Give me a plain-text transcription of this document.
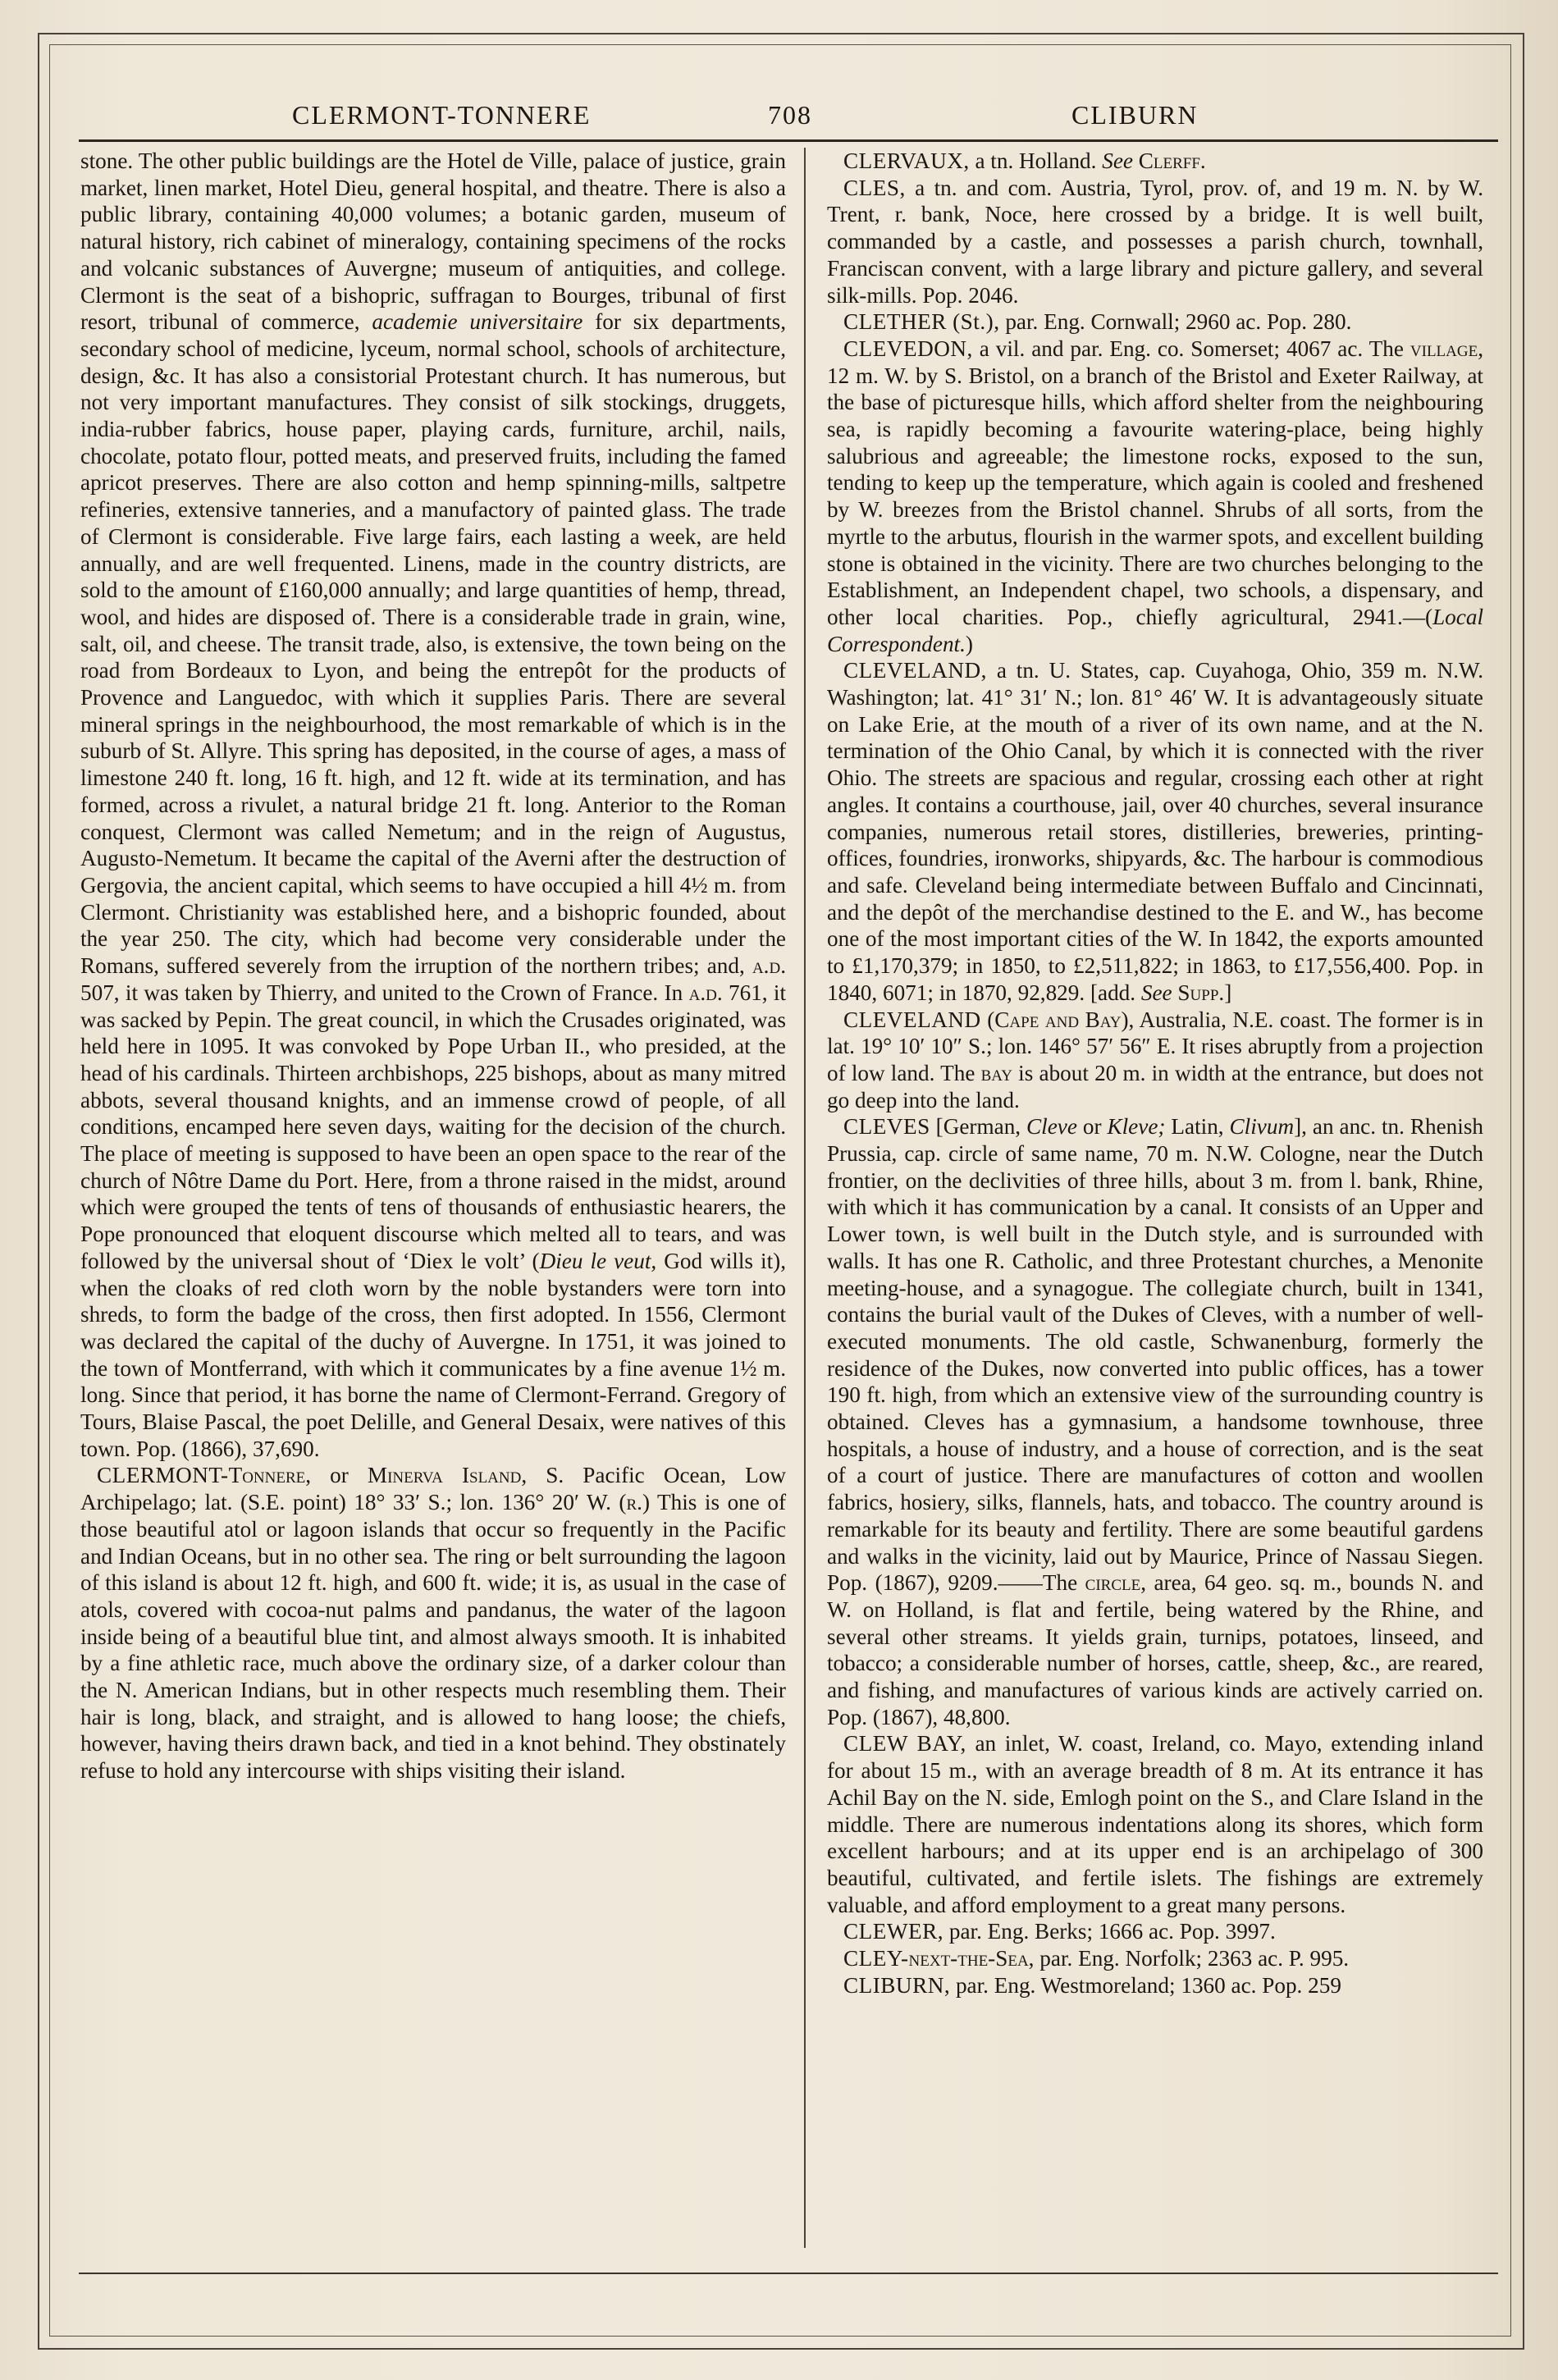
CLERMONT-TONNERE	708	CLIBURN

stone. The other public buildings are the Hotel de Ville, palace of justice, grain market, linen market, Hotel Dieu, general hospital, and theatre. There is also a public library, containing 40,000 volumes; a botanic garden, museum of natural history, rich cabinet of mineralogy, containing specimens of the rocks and volcanic substances of Auvergne; museum of antiquities, and college. Clermont is the seat of a bishopric, suffragan to Bourges, tribunal of first resort, tribunal of commerce, academie universitaire for six departments, secondary school of medicine, lyceum, normal school, schools of architecture, design, &c. It has also a consistorial Protestant church. It has numerous, but not very important manufactures. They consist of silk stockings, druggets, india-rubber fabrics, house paper, playing cards, furniture, archil, nails, chocolate, potato flour, potted meats, and preserved fruits, including the famed apricot preserves. There are also cotton and hemp spinning-mills, saltpetre refineries, extensive tanneries, and a manufactory of painted glass. The trade of Clermont is considerable. Five large fairs, each lasting a week, are held annually, and are well frequented. Linens, made in the country districts, are sold to the amount of £160,000 annually; and large quantities of hemp, thread, wool, and hides are disposed of. There is a considerable trade in grain, wine, salt, oil, and cheese. The transit trade, also, is extensive, the town being on the road from Bordeaux to Lyon, and being the entrepôt for the products of Provence and Languedoc, with which it supplies Paris. There are several mineral springs in the neighbourhood, the most remarkable of which is in the suburb of St. Allyre. This spring has deposited, in the course of ages, a mass of limestone 240 ft. long, 16 ft. high, and 12 ft. wide at its termination, and has formed, across a rivulet, a natural bridge 21 ft. long. Anterior to the Roman conquest, Clermont was called Nemetum; and in the reign of Augustus, Augusto-Nemetum. It became the capital of the Averni after the destruction of Gergovia, the ancient capital, which seems to have occupied a hill 4½ m. from Clermont. Christianity was established here, and a bishopric founded, about the year 250. The city, which had become very considerable under the Romans, suffered severely from the irruption of the northern tribes; and, a.d. 507, it was taken by Thierry, and united to the Crown of France. In a.d. 761, it was sacked by Pepin. The great council, in which the Crusades originated, was held here in 1095. It was convoked by Pope Urban II., who presided, at the head of his cardinals. Thirteen archbishops, 225 bishops, about as many mitred abbots, several thousand knights, and an immense crowd of people, of all conditions, encamped here seven days, waiting for the decision of the church. The place of meeting is supposed to have been an open space to the rear of the church of Nôtre Dame du Port. Here, from a throne raised in the midst, around which were grouped the tents of tens of thousands of enthusiastic hearers, the Pope pronounced that eloquent discourse which melted all to tears, and was followed by the universal shout of ‘Diex le volt’ (Dieu le veut, God wills it), when the cloaks of red cloth worn by the noble bystanders were torn into shreds, to form the badge of the cross, then first adopted. In 1556, Clermont was declared the capital of the duchy of Auvergne. In 1751, it was joined to the town of Montferrand, with which it communicates by a fine avenue 1½ m. long. Since that period, it has borne the name of Clermont-Ferrand. Gregory of Tours, Blaise Pascal, the poet Delille, and General Desaix, were natives of this town. Pop. (1866), 37,690.

CLERMONT-Tonnere, or Minerva Island, S. Pacific Ocean, Low Archipelago; lat. (S.E. point) 18° 33′ S.; lon. 136° 20′ W. (r.) This is one of those beautiful atol or lagoon islands that occur so frequently in the Pacific and Indian Oceans, but in no other sea. The ring or belt surrounding the lagoon of this island is about 12 ft. high, and 600 ft. wide; it is, as usual in the case of atols, covered with cocoa-nut palms and pandanus, the water of the lagoon inside being of a beautiful blue tint, and almost always smooth. It is inhabited by a fine athletic race, much above the ordinary size, of a darker colour than the N. American Indians, but in other respects much resembling them. Their hair is long, black, and straight, and is allowed to hang loose; the chiefs, however, having theirs drawn back, and tied in a knot behind. They obstinately refuse to hold any intercourse with ships visiting their island.

CLERVAUX, a tn. Holland. See Clerff.

CLES, a tn. and com. Austria, Tyrol, prov. of, and 19 m. N. by W. Trent, r. bank, Noce, here crossed by a bridge. It is well built, commanded by a castle, and possesses a parish church, townhall, Franciscan convent, with a large library and picture gallery, and several silk-mills. Pop. 2046.

CLETHER (St.), par. Eng. Cornwall; 2960 ac. Pop. 280.

CLEVEDON, a vil. and par. Eng. co. Somerset; 4067 ac. The village, 12 m. W. by S. Bristol, on a branch of the Bristol and Exeter Railway, at the base of picturesque hills, which afford shelter from the neighbouring sea, is rapidly becoming a favourite watering-place, being highly salubrious and agreeable; the limestone rocks, exposed to the sun, tending to keep up the temperature, which again is cooled and freshened by W. breezes from the Bristol channel. Shrubs of all sorts, from the myrtle to the arbutus, flourish in the warmer spots, and excellent building stone is obtained in the vicinity. There are two churches belonging to the Establishment, an Independent chapel, two schools, a dispensary, and other local charities. Pop., chiefly agricultural, 2941.—(Local Correspondent.)

CLEVELAND, a tn. U. States, cap. Cuyahoga, Ohio, 359 m. N.W. Washington; lat. 41° 31′ N.; lon. 81° 46′ W. It is advantageously situate on Lake Erie, at the mouth of a river of its own name, and at the N. termination of the Ohio Canal, by which it is connected with the river Ohio. The streets are spacious and regular, crossing each other at right angles. It contains a courthouse, jail, over 40 churches, several insurance companies, numerous retail stores, distilleries, breweries, printing-offices, foundries, ironworks, shipyards, &c. The harbour is commodious and safe. Cleveland being intermediate between Buffalo and Cincinnati, and the depôt of the merchandise destined to the E. and W., has become one of the most important cities of the W. In 1842, the exports amounted to £1,170,379; in 1850, to £2,511,822; in 1863, to £17,556,400. Pop. in 1840, 6071; in 1870, 92,829. [add. See Supp.]

CLEVELAND (Cape and Bay), Australia, N.E. coast. The former is in lat. 19° 10′ 10″ S.; lon. 146° 57′ 56″ E. It rises abruptly from a projection of low land. The bay is about 20 m. in width at the entrance, but does not go deep into the land.

CLEVES [German, Cleve or Kleve; Latin, Clivum], an anc. tn. Rhenish Prussia, cap. circle of same name, 70 m. N.W. Cologne, near the Dutch frontier, on the declivities of three hills, about 3 m. from l. bank, Rhine, with which it has communication by a canal. It consists of an Upper and Lower town, is well built in the Dutch style, and is surrounded with walls. It has one R. Catholic, and three Protestant churches, a Menonite meeting-house, and a synagogue. The collegiate church, built in 1341, contains the burial vault of the Dukes of Cleves, with a number of well-executed monuments. The old castle, Schwanenburg, formerly the residence of the Dukes, now converted into public offices, has a tower 190 ft. high, from which an extensive view of the surrounding country is obtained. Cleves has a gymnasium, a handsome townhouse, three hospitals, a house of industry, and a house of correction, and is the seat of a court of justice. There are manufactures of cotton and woollen fabrics, hosiery, silks, flannels, hats, and tobacco. The country around is remarkable for its beauty and fertility. There are some beautiful gardens and walks in the vicinity, laid out by Maurice, Prince of Nassau Siegen. Pop. (1867), 9209.——The circle, area, 64 geo. sq. m., bounds N. and W. on Holland, is flat and fertile, being watered by the Rhine, and several other streams. It yields grain, turnips, potatoes, linseed, and tobacco; a considerable number of horses, cattle, sheep, &c., are reared, and fishing, and manufactures of various kinds are actively carried on. Pop. (1867), 48,800.

CLEW BAY, an inlet, W. coast, Ireland, co. Mayo, extending inland for about 15 m., with an average breadth of 8 m. At its entrance it has Achil Bay on the N. side, Emlogh point on the S., and Clare Island in the middle. There are numerous indentations along its shores, which form excellent harbours; and at its upper end is an archipelago of 300 beautiful, cultivated, and fertile islets. The fishings are extremely valuable, and afford employment to a great many persons.

CLEWER, par. Eng. Berks; 1666 ac. Pop. 3997.

CLEY-next-the-Sea, par. Eng. Norfolk; 2363 ac. P. 995.

CLIBURN, par. Eng. Westmoreland; 1360 ac. Pop. 259
